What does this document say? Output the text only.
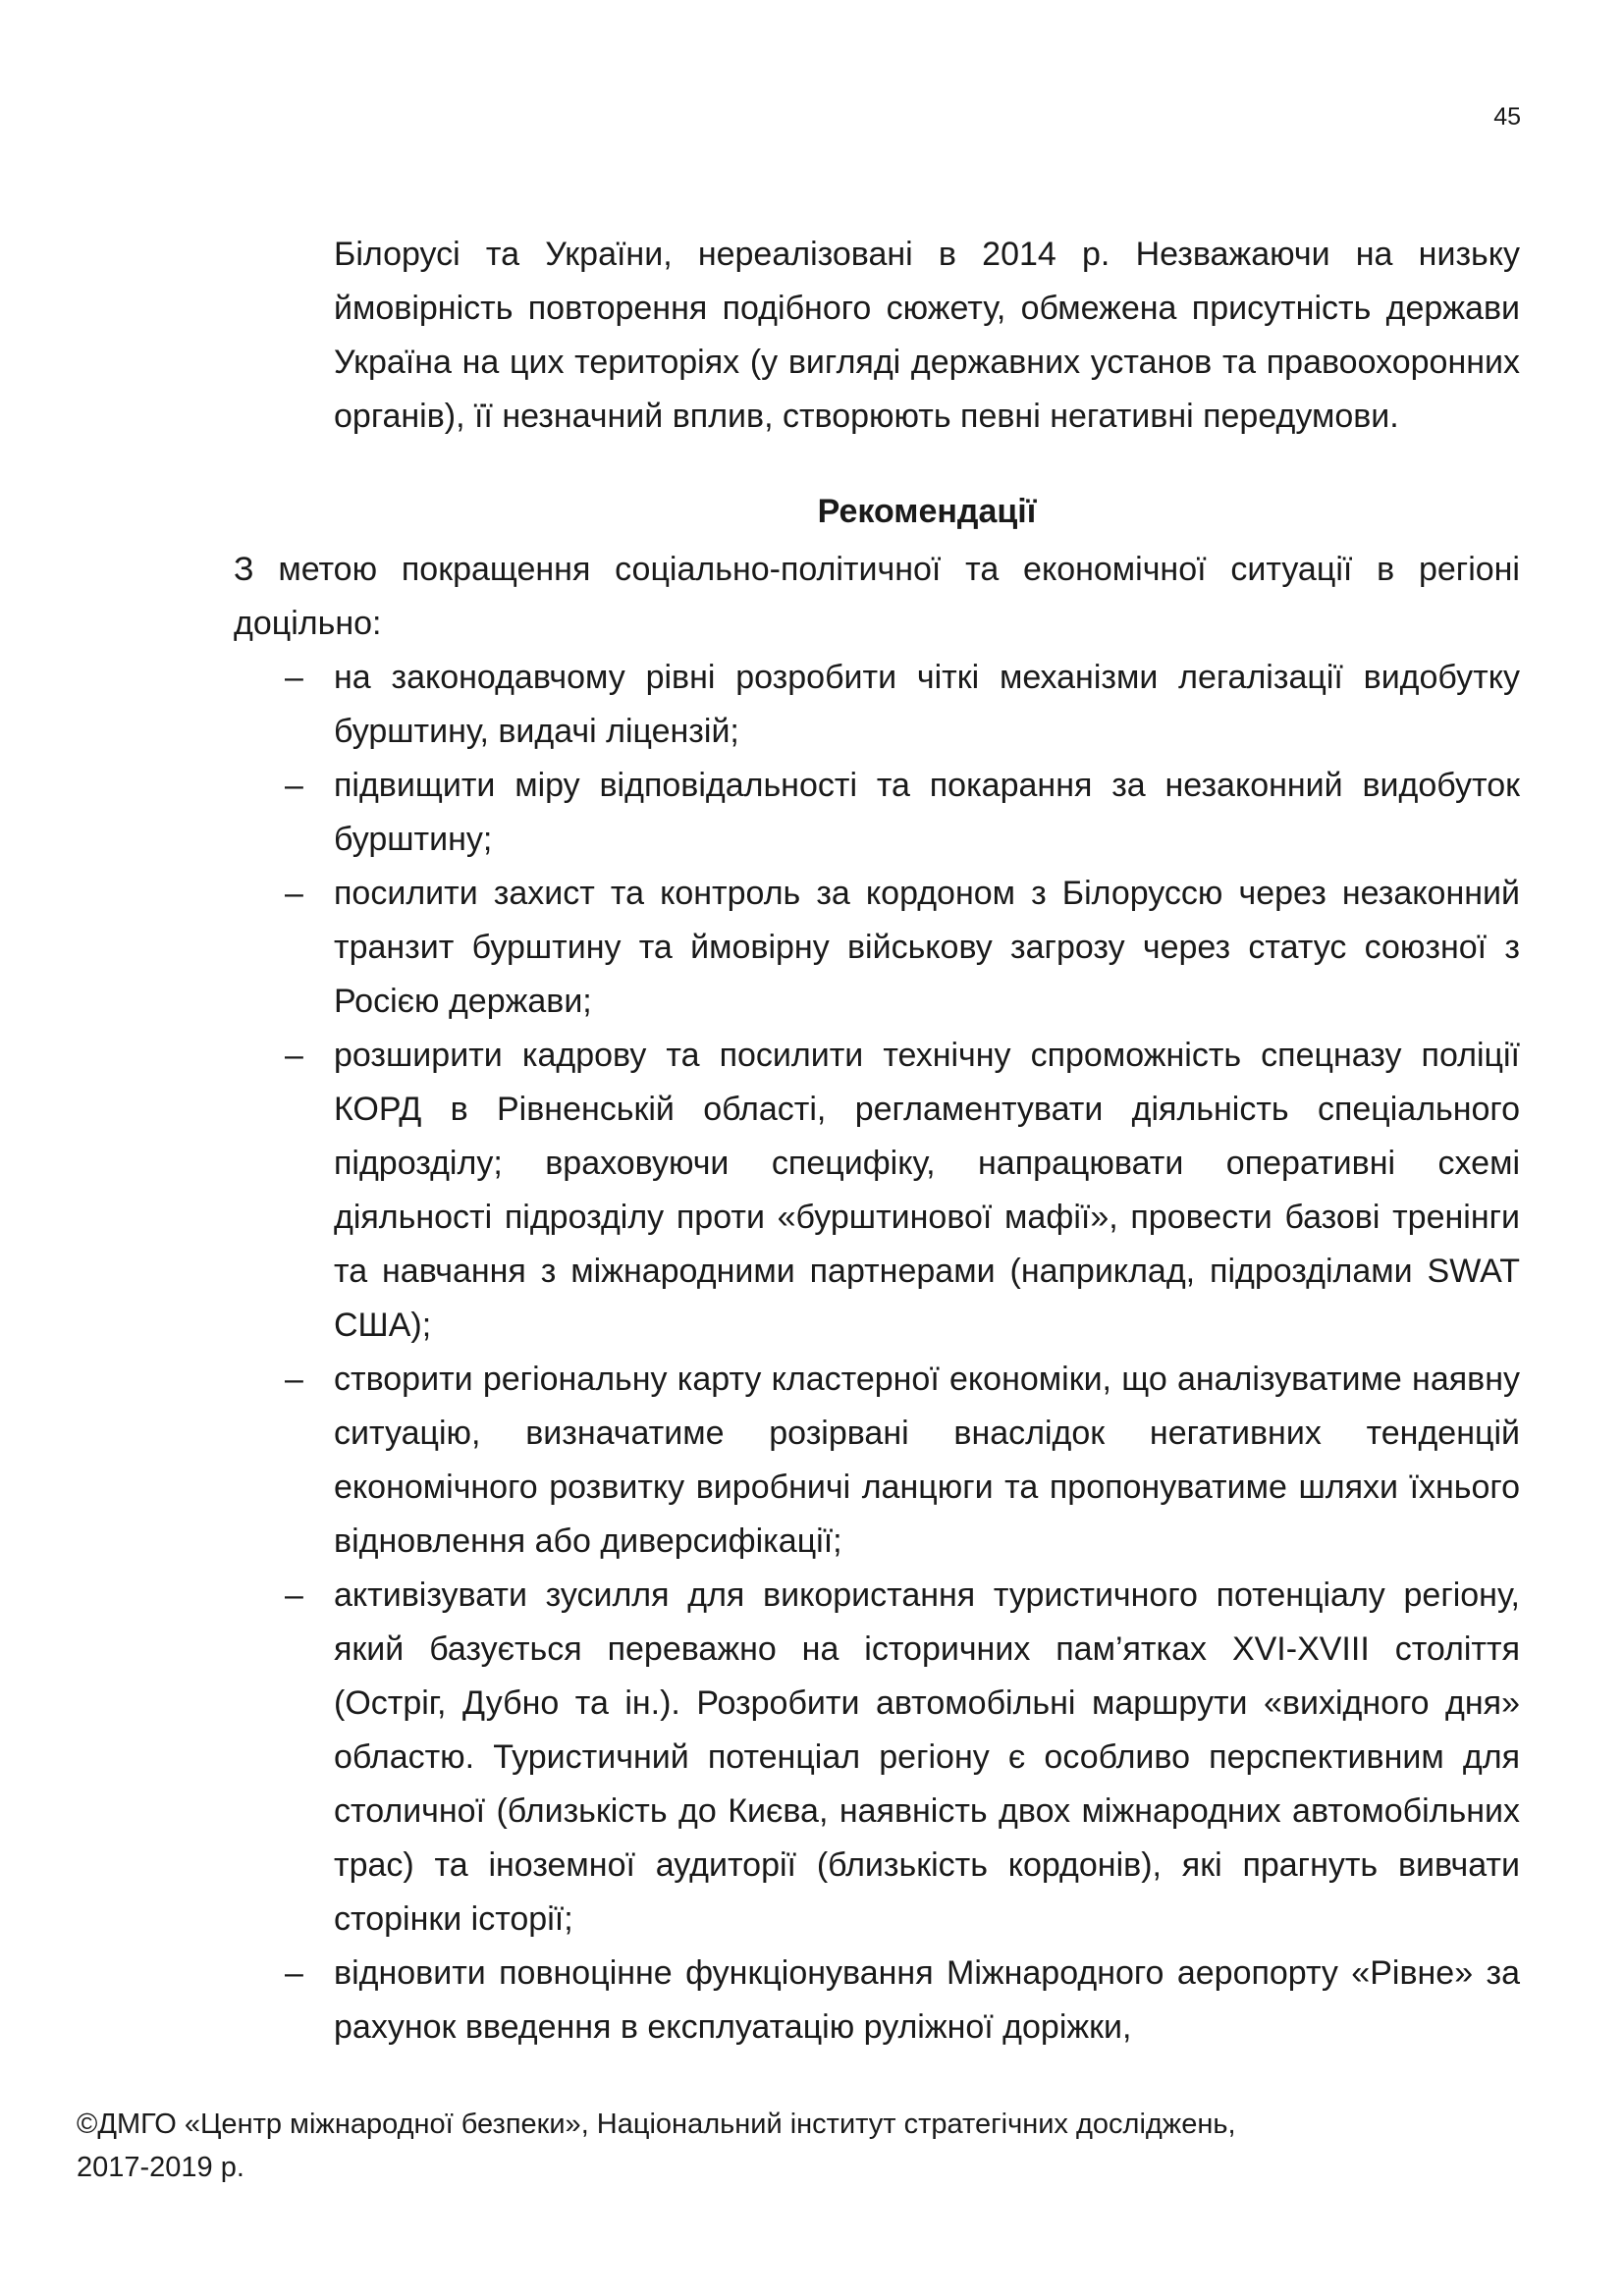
45

Білорусі та України, нереалізовані в 2014 р. Незважаючи на низьку ймовірність повторення подібного сюжету, обмежена присутність держави Україна на цих територіях (у вигляді державних установ та правоохоронних органів), її незначний вплив, створюють певні негативні передумови.

Рекомендації

З метою покращення соціально-політичної та економічної ситуації в регіоні доцільно:

– на законодавчому рівні розробити чіткі механізми легалізації видобутку бурштину, видачі ліцензій;
– підвищити міру відповідальності та покарання за незаконний видобуток бурштину;
– посилити захист та контроль за кордоном з Білоруссю через незаконний транзит бурштину та ймовірну військову загрозу через статус союзної з Росією держави;
– розширити кадрову та посилити технічну спроможність спецназу поліції КОРД в Рівненській області, регламентувати діяльність спеціального підрозділу; враховуючи специфіку, напрацювати оперативні схемі діяльності підрозділу проти «бурштинової мафії», провести базові тренінги та навчання з міжнародними партнерами (наприклад, підрозділами SWAT США);
– створити регіональну карту кластерної економіки, що аналізуватиме наявну ситуацію, визначатиме розірвані внаслідок негативних тенденцій економічного розвитку виробничі ланцюги та пропонуватиме шляхи їхнього відновлення або диверсифікації;
– активізувати зусилля для використання туристичного потенціалу регіону, який базується переважно на історичних пам’ятках XVI-XVIII століття (Остріг, Дубно та ін.). Розробити автомобільні маршрути «вихідного дня» областю. Туристичний потенціал регіону є особливо перспективним для столичної (близькість до Києва, наявність двох міжнародних автомобільних трас) та іноземної аудиторії (близькість кордонів), які прагнуть вивчати сторінки історії;
– відновити повноцінне функціонування Міжнародного аеропорту «Рівне» за рахунок введення в експлуатацію руліжної доріжки,
©ДМГО «Центр міжнародної безпеки», Національний інститут стратегічних досліджень,
2017-2019 р.
